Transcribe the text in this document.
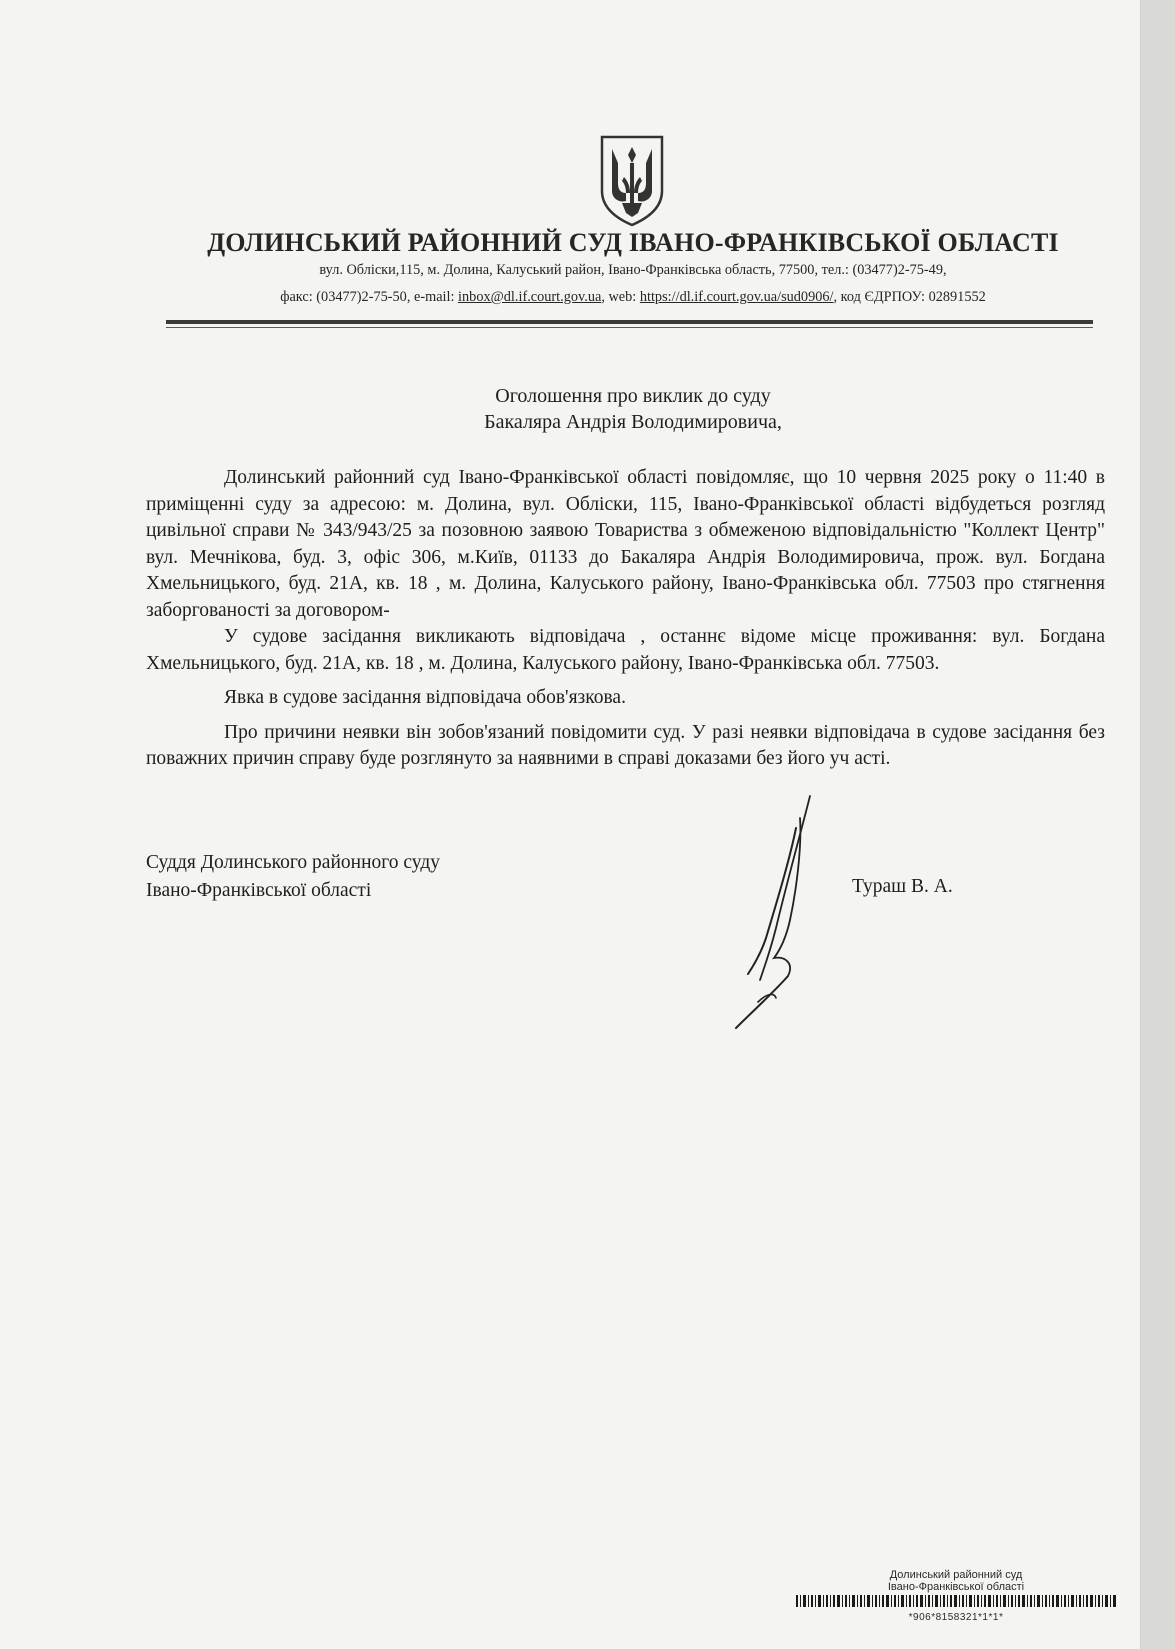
ДОЛИНСЬКИЙ РАЙОННИЙ СУД ІВАНО-ФРАНКІВСЬКОЇ ОБЛАСТІ
вул. Обліски,115, м. Долина, Калуський район, Івано-Франківська область, 77500, тел.: (03477)2-75-49,
факс: (03477)2-75-50, e-mail: inbox@dl.if.court.gov.ua, web: https://dl.if.court.gov.ua/sud0906/, код ЄДРПОУ: 02891552
Оголошення про виклик до суду
Бакаляра Андрія Володимировича,

Долинський районний суд Івано-Франківської області повідомляє, що 10 червня 2025 року о 11:40 в приміщенні суду за адресою: м. Долина, вул. Обліски, 115, Івано-Франківської області відбудеться розгляд цивільної справи № 343/943/25 за позовною заявою Товариства з обмеженою відповідальністю "Коллект Центр" вул. Мечнікова, буд. 3, офіс 306, м.Київ, 01133 до Бакаляра Андрія Володимировича, прож. вул. Богдана Хмельницького, буд. 21А, кв. 18 , м. Долина, Калуського району, Івано-Франківська обл. 77503 про стягнення заборгованості за договором-

У судове засідання викликають відповідача , останнє відоме місце проживання: вул. Богдана Хмельницького, буд. 21А, кв. 18 , м. Долина, Калуського району, Івано-Франківська обл. 77503.

Явка в судове засідання відповідача обов'язкова.

Про причини неявки він зобов'язаний повідомити суд. У разі неявки відповідача в судове засідання без поважних причин справу буде розглянуто за наявними в справі доказами без його уч асті.

Суддя Долинського районного суду
Івано-Франківської області	Тураш В. А.
Долинський районний суд
Івано-Франківської області
*906*8158321*1*1*
